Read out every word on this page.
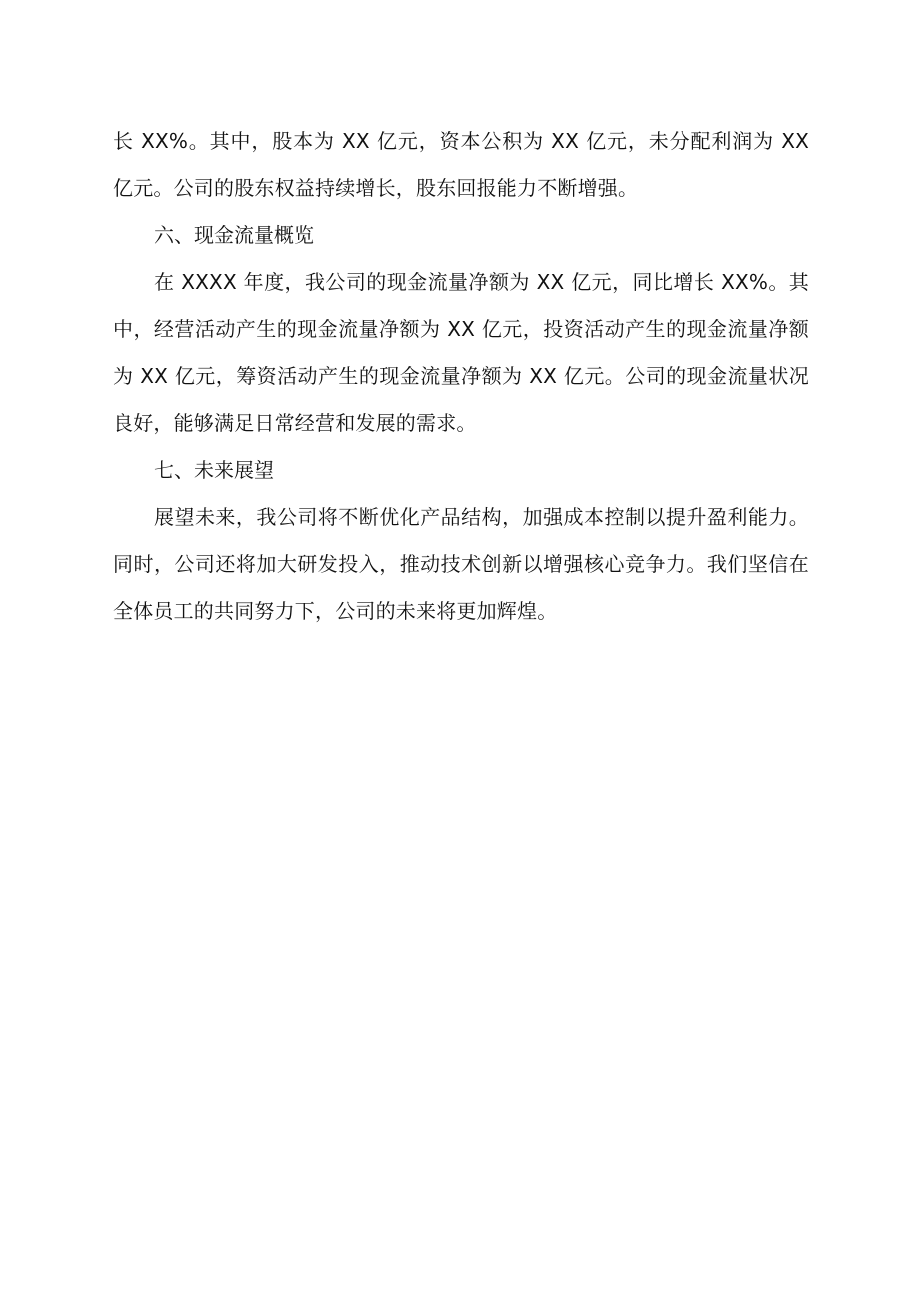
长 XX%。其中，股本为 XX 亿元，资本公积为 XX 亿元，未分配利润为 XX 亿元。公司的股东权益持续增长，股东回报能力不断增强。

六、现金流量概览

在 XXXX 年度，我公司的现金流量净额为 XX 亿元，同比增长 XX%。其中，经营活动产生的现金流量净额为 XX 亿元，投资活动产生的现金流量净额为 XX 亿元，筹资活动产生的现金流量净额为 XX 亿元。公司的现金流量状况良好，能够满足日常经营和发展的需求。

七、未来展望

展望未来，我公司将不断优化产品结构，加强成本控制以提升盈利能力。同时，公司还将加大研发投入，推动技术创新以增强核心竞争力。我们坚信在全体员工的共同努力下，公司的未来将更加辉煌。
